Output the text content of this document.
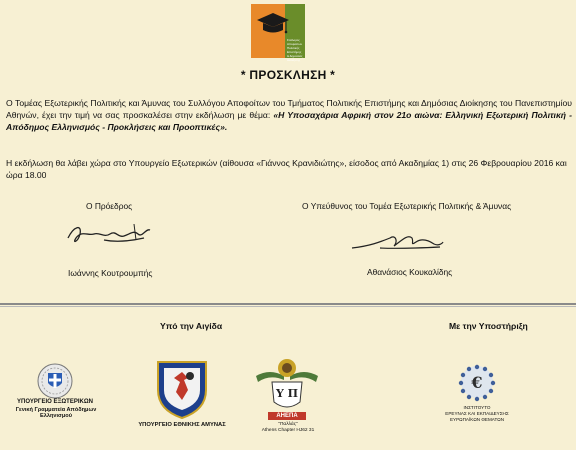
Σύλλογος
Αποφοίτων
Πολιτικής Επιστήμης
& Δημόσιας Διοίκησης
* ΠΡΟΣΚΛΗΣΗ *
Ο Τομέας Εξωτερικής Πολιτικής και Άμυνας του Συλλόγου Αποφοίτων του Τμήματος Πολιτικής Επιστήμης και Δημόσιας Διοίκησης του Πανεπιστημίου Αθηνών, έχει την τιμή να σας προσκαλέσει στην εκδήλωση με θέμα: «Η Υποσαχάρια Αφρική στον 21ο αιώνα: Ελληνική Εξωτερική Πολιτική - Απόδημος Ελληνισμός - Προκλήσεις και Προοπτικές».
Η εκδήλωση θα λάβει χώρα στο Υπουργείο Εξωτερικών (αίθουσα «Γιάννος Κρανιδιώτης», είσοδος από Ακαδημίας 1) στις 26 Φεβρουαρίου 2016 και ώρα 18.00
Ο Πρόεδρος
Ιωάννης Κουτρουμπής
Ο Υπεύθυνος του Τομέα Εξωτερικής Πολιτικής & Άμυνας
Αθανάσιος Κουκαλίδης
Υπό την Αιγίδα	Με την Υποστήριξη
ΥΠΟΥΡΓΕΙΟ ΕΞΩΤΕΡΙΚΩΝ
Γενική Γραμματεία Απόδημων Ελληνισμού
ΥΠΟΥΡΓΕΙΟ ΕΘΝΙΚΗΣ ΑΜΥΝΑΣ
Υ Π
ΑΗΕΠΑ
"Παλλάς"
Athens Chapter HJ62 31
€
ΙΝΣΤΙΤΟΥΤΟ
ΕΡΕΥΝΑΣ ΚΑΙ ΕΚΠΑΙΔΕΥΣΗΣ
ΕΥΡΩΠΑΪΚΩΝ ΘΕΜΑΤΩΝ
